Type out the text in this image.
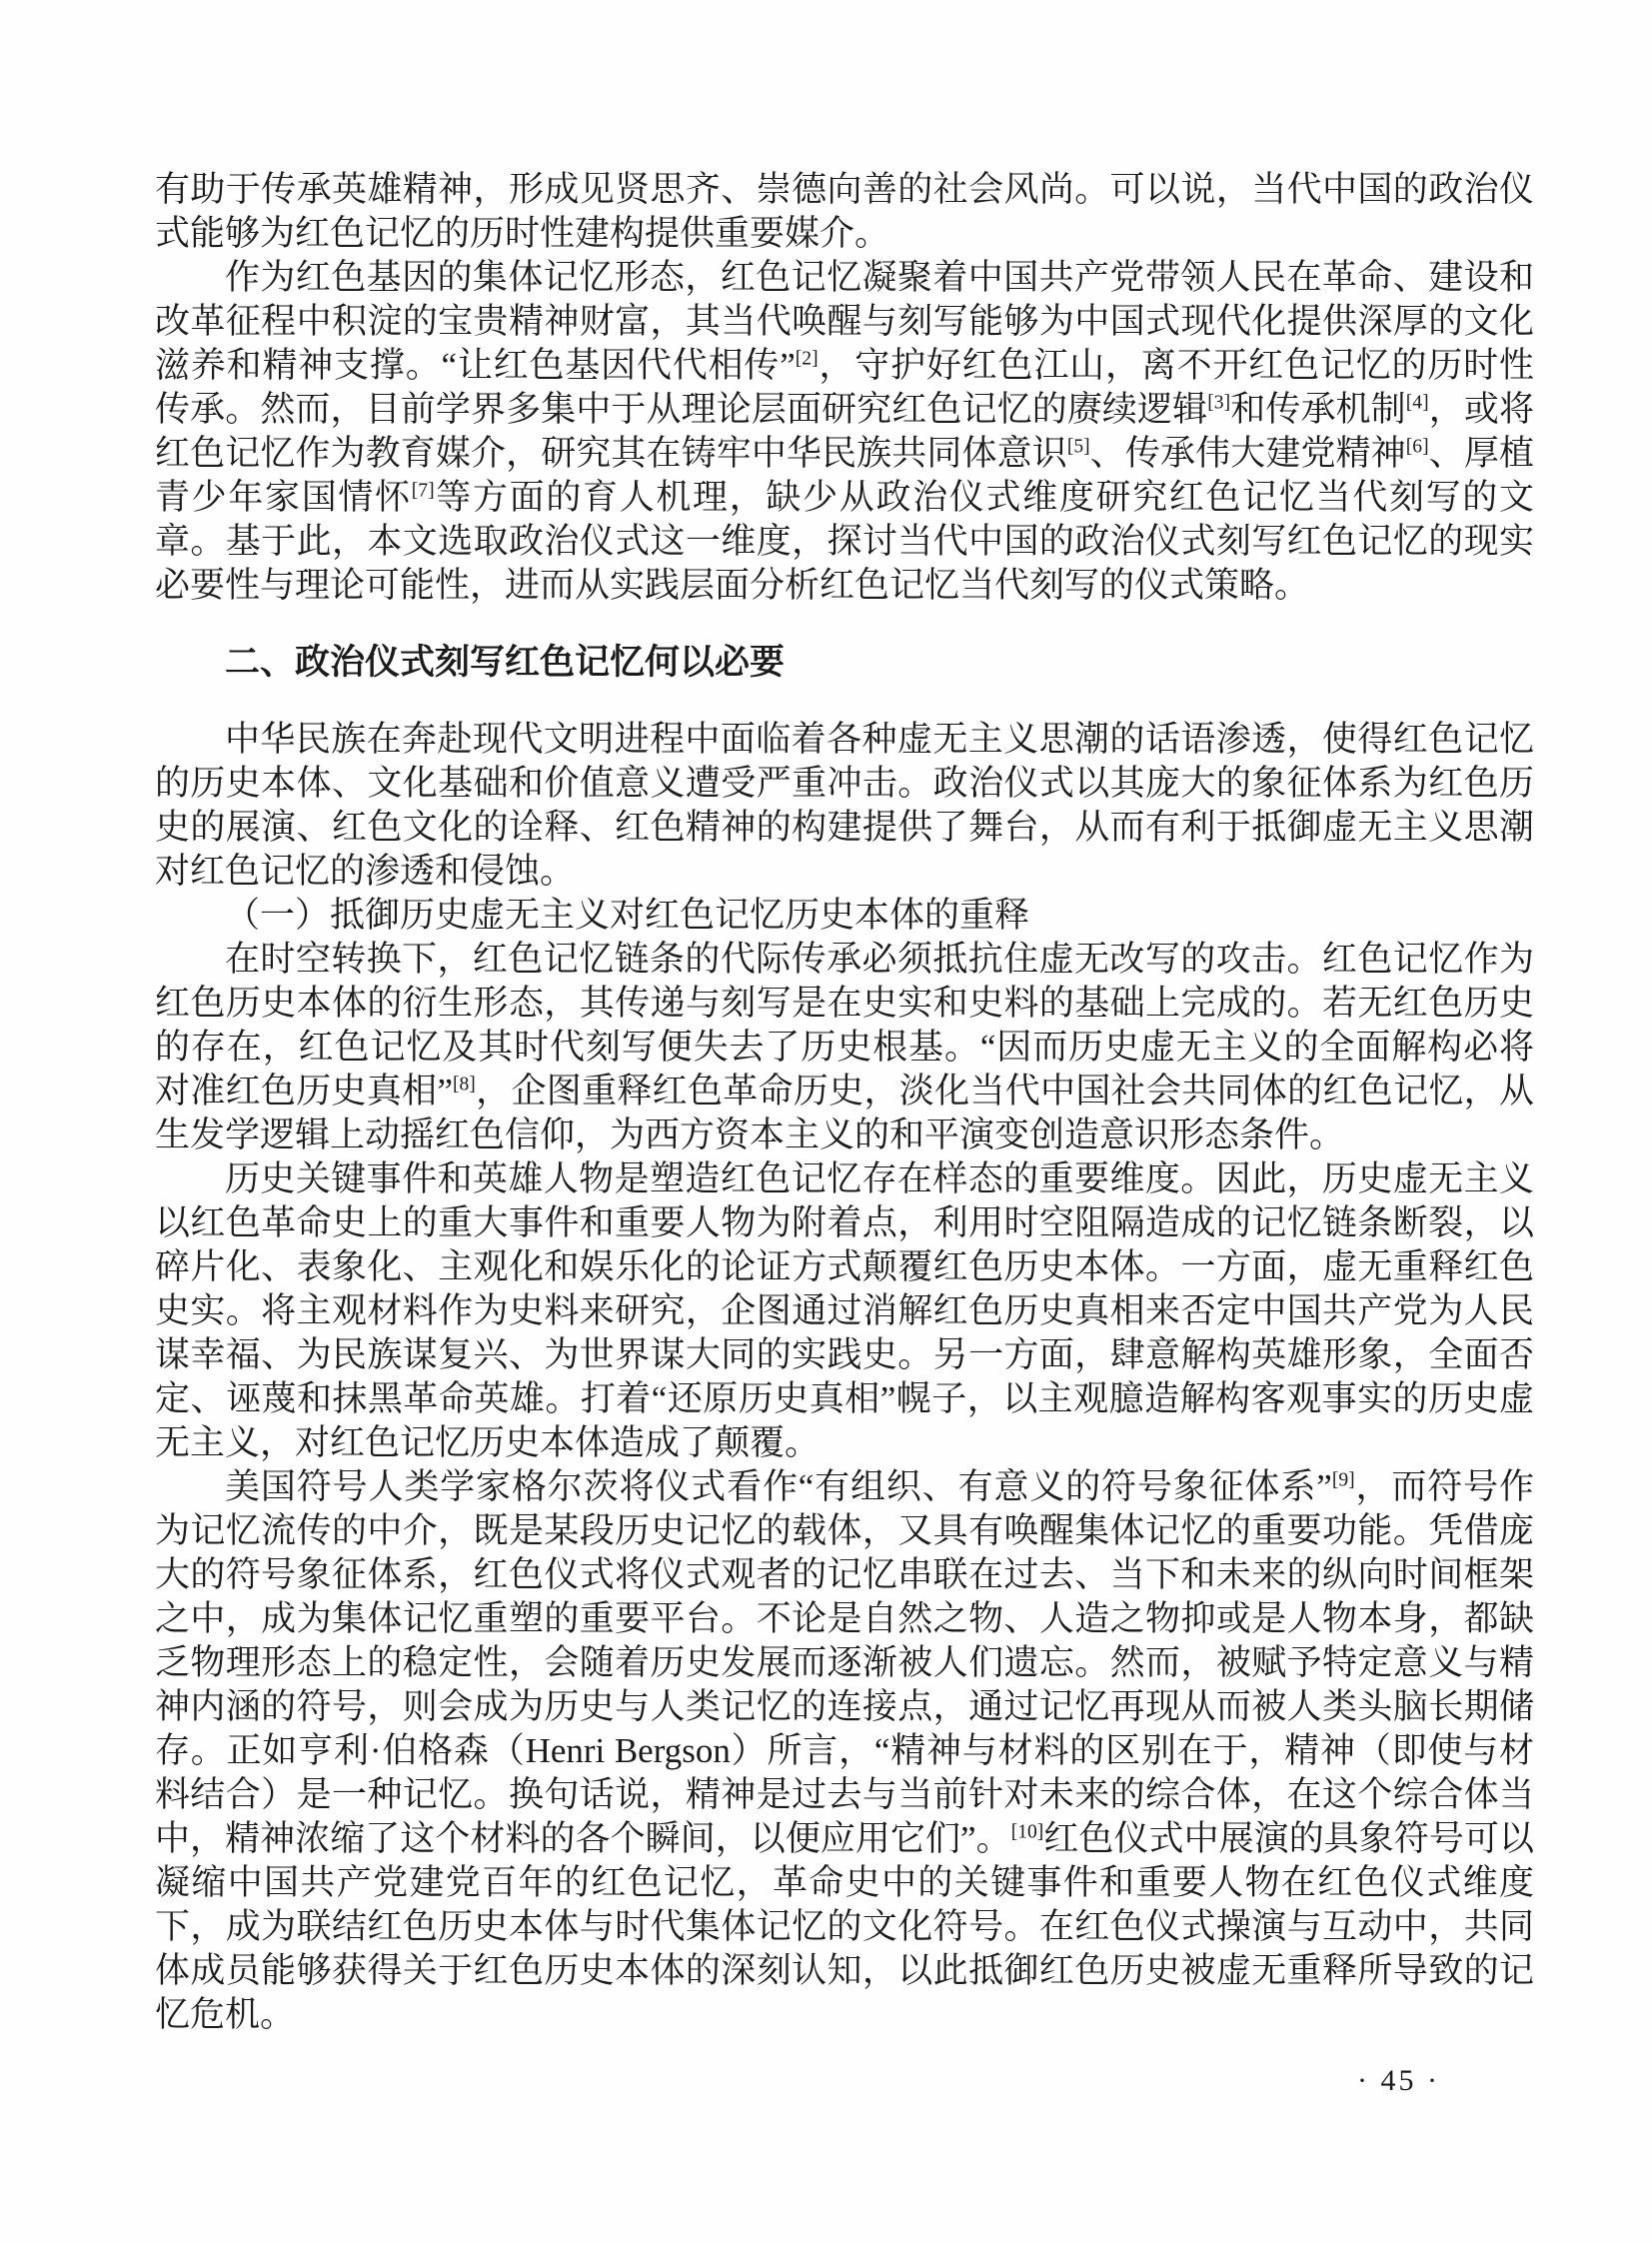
有助于传承英雄精神，形成见贤思齐、崇德向善的社会风尚。可以说，当代中国的政治仪式能够为红色记忆的历时性建构提供重要媒介。

作为红色基因的集体记忆形态，红色记忆凝聚着中国共产党带领人民在革命、建设和改革征程中积淀的宝贵精神财富，其当代唤醒与刻写能够为中国式现代化提供深厚的文化滋养和精神支撑。“让红色基因代代相传”[2]，守护好红色江山，离不开红色记忆的历时性传承。然而，目前学界多集中于从理论层面研究红色记忆的赓续逻辑[3]和传承机制[4]，或将红色记忆作为教育媒介，研究其在铸牢中华民族共同体意识[5]、传承伟大建党精神[6]、厚植青少年家国情怀[7]等方面的育人机理，缺少从政治仪式维度研究红色记忆当代刻写的文章。基于此，本文选取政治仪式这一维度，探讨当代中国的政治仪式刻写红色记忆的现实必要性与理论可能性，进而从实践层面分析红色记忆当代刻写的仪式策略。

二、政治仪式刻写红色记忆何以必要

中华民族在奔赴现代文明进程中面临着各种虚无主义思潮的话语渗透，使得红色记忆的历史本体、文化基础和价值意义遭受严重冲击。政治仪式以其庞大的象征体系为红色历史的展演、红色文化的诠释、红色精神的构建提供了舞台，从而有利于抵御虚无主义思潮对红色记忆的渗透和侵蚀。

（一）抵御历史虚无主义对红色记忆历史本体的重释

在时空转换下，红色记忆链条的代际传承必须抵抗住虚无改写的攻击。红色记忆作为红色历史本体的衍生形态，其传递与刻写是在史实和史料的基础上完成的。若无红色历史的存在，红色记忆及其时代刻写便失去了历史根基。“因而历史虚无主义的全面解构必将对准红色历史真相”[8]，企图重释红色革命历史，淡化当代中国社会共同体的红色记忆，从生发学逻辑上动摇红色信仰，为西方资本主义的和平演变创造意识形态条件。

历史关键事件和英雄人物是塑造红色记忆存在样态的重要维度。因此，历史虚无主义以红色革命史上的重大事件和重要人物为附着点，利用时空阻隔造成的记忆链条断裂，以碎片化、表象化、主观化和娱乐化的论证方式颠覆红色历史本体。一方面，虚无重释红色史实。将主观材料作为史料来研究，企图通过消解红色历史真相来否定中国共产党为人民谋幸福、为民族谋复兴、为世界谋大同的实践史。另一方面，肆意解构英雄形象，全面否定、诬蔑和抹黑革命英雄。打着“还原历史真相”幌子，以主观臆造解构客观事实的历史虚无主义，对红色记忆历史本体造成了颠覆。

美国符号人类学家格尔茨将仪式看作“有组织、有意义的符号象征体系”[9]，而符号作为记忆流传的中介，既是某段历史记忆的载体，又具有唤醒集体记忆的重要功能。凭借庞大的符号象征体系，红色仪式将仪式观者的记忆串联在过去、当下和未来的纵向时间框架之中，成为集体记忆重塑的重要平台。不论是自然之物、人造之物抑或是人物本身，都缺乏物理形态上的稳定性，会随着历史发展而逐渐被人们遗忘。然而，被赋予特定意义与精神内涵的符号，则会成为历史与人类记忆的连接点，通过记忆再现从而被人类头脑长期储存。正如亨利·伯格森（Henri Bergson）所言，“精神与材料的区别在于，精神（即使与材料结合）是一种记忆。换句话说，精神是过去与当前针对未来的综合体，在这个综合体当中，精神浓缩了这个材料的各个瞬间，以便应用它们”。[10]红色仪式中展演的具象符号可以凝缩中国共产党建党百年的红色记忆，革命史中的关键事件和重要人物在红色仪式维度下，成为联结红色历史本体与时代集体记忆的文化符号。在红色仪式操演与互动中，共同体成员能够获得关于红色历史本体的深刻认知，以此抵御红色历史被虚无重释所导致的记忆危机。

· 45 ·
